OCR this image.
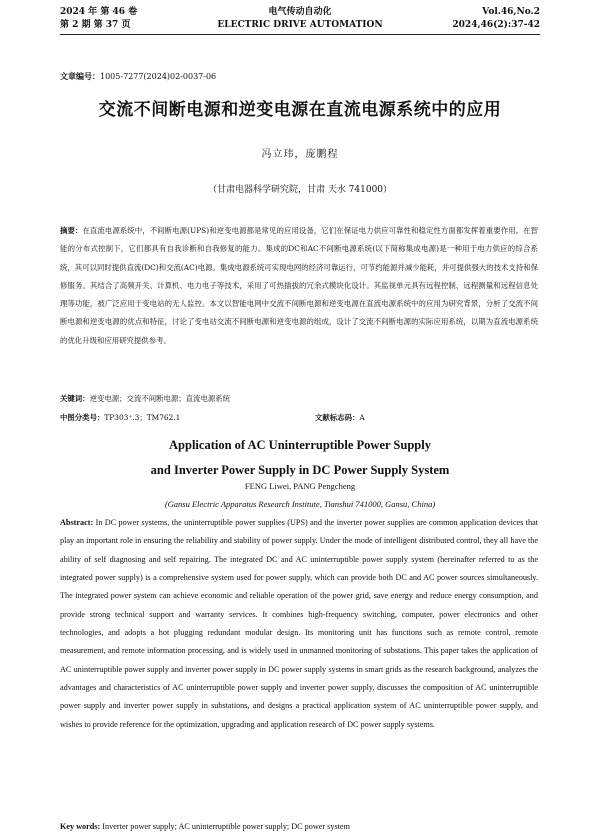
2024 年 第 46 卷
第 2 期 第 37 页
电气传动自动化
ELECTRIC DRIVE AUTOMATION
Vol.46,No.2
2024,46(2):37-42
文章编号：1005-7277(2024)02-0037-06
交流不间断电源和逆变电源在直流电源系统中的应用
冯立玮，庞鹏程
（甘肃电器科学研究院，甘肃 天水 741000）
摘要：在直流电源系统中，不间断电源(UPS)和逆变电源都是常见的应用设备，它们在保证电力供应可靠性和稳定性方面都发挥着重要作用。在智能的分布式控制下，它们都具有自我诊断和自我修复的能力。集成的DC和AC不间断电源系统(以下简称集成电源)是一种用于电力供应的综合系统，其可以同时提供直流(DC)和交流(AC)电源。集成电源系统可实现电网的经济可靠运行，可节约能源并减少能耗，并可提供强大的技术支持和保修服务。其结合了高频开关、计算机、电力电子等技术，采用了可热插拔的冗余式模块化设计。其监视单元具有远程控制、远程测量和远程信息处理等功能，被广泛应用于变电站的无人监控。本文以智能电网中交流不间断电源和逆变电源在直流电源系统中的应用为研究背景，分析了交流不间断电源和逆变电源的优点和特征，讨论了变电站交流不间断电源和逆变电源的组成，设计了交流不间断电源的实际应用系统，以期为直流电源系统的优化升级和应用研究提供参考。
关键词：逆变电源；交流不间断电源；直流电源系统
中图分类号：TP303⁺.3；TM762.1	文献标志码：A
Application of AC Uninterruptible Power Supply
and Inverter Power Supply in DC Power Supply System
FENG Liwei, PANG Pengcheng
(Gansu Electric Apparatus Research Institute, Tianshui 741000, Gansu, China)
Abstract: In DC power systems, the uninterruptible power supplies (UPS) and the inverter power supplies are common application devices that play an important role in ensuring the reliability and stability of power supply. Under the mode of intelligent distributed control, they all have the ability of self diagnosing and self repairing. The integrated DC and AC uninterruptible power supply system (hereinafter referred to as the integrated power supply) is a comprehensive system used for power supply, which can provide both DC and AC power sources simultaneously. The integrated power system can achieve economic and reliable operation of the power grid, save energy and reduce energy consumption, and provide strong technical support and warranty services. It combines high-frequency switching, computer, power electronics and other technologies, and adopts a hot plugging redundant modular design. Its monitoring unit has functions such as remote control, remote measurement, and remote information processing, and is widely used in unmanned monitoring of substations. This paper takes the application of AC uninterruptible power supply and inverter power supply in DC power supply systems in smart grids as the research background, analyzes the advantages and characteristics of AC uninterruptible power supply and inverter power supply, discusses the composition of AC uninterruptible power supply and inverter power supply in substations, and designs a practical application system of AC uninterruptible power supply, and wishes to provide reference for the optimization, upgrading and application research of DC power supply systems.
Key words: Inverter power supply; AC uninterruptible power supply; DC power system
